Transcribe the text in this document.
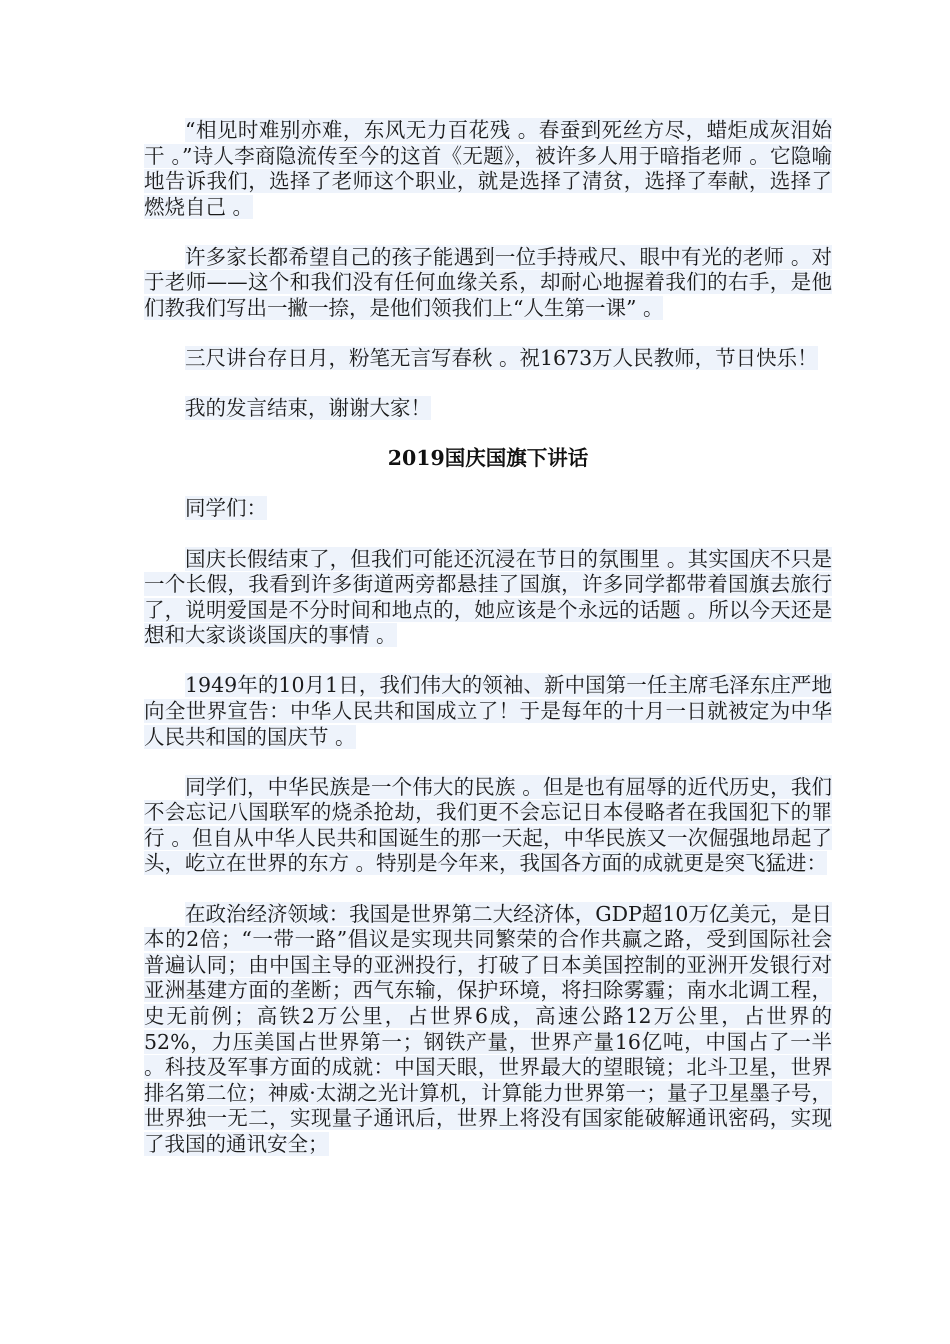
“相见时难别亦难，东风无力百花残 。春蚕到死丝方尽，蜡炬成灰泪始干 。”诗人李商隐流传至今的这首《无题》，被许多人用于暗指老师 。它隐喻地告诉我们，选择了老师这个职业，就是选择了清贫，选择了奉献，选择了燃烧自己 。

许多家长都希望自己的孩子能遇到一位手持戒尺、眼中有光的老师 。对于老师——这个和我们没有任何血缘关系，却耐心地握着我们的右手，是他们教我们写出一撇一捺，是他们领我们上“人生第一课” 。

三尺讲台存日月，粉笔无言写春秋 。祝1673万人民教师，节日快乐！

我的发言结束，谢谢大家！

2019国庆国旗下讲话

同学们：

国庆长假结束了，但我们可能还沉浸在节日的氛围里 。其实国庆不只是一个长假，我看到许多街道两旁都悬挂了国旗，许多同学都带着国旗去旅行了，说明爱国是不分时间和地点的，她应该是个永远的话题 。所以今天还是想和大家谈谈国庆的事情 。

1949年的10月1日，我们伟大的领袖、新中国第一任主席毛泽东庄严地向全世界宣告：中华人民共和国成立了！于是每年的十月一日就被定为中华人民共和国的国庆节 。

同学们，中华民族是一个伟大的民族 。但是也有屈辱的近代历史，我们不会忘记八国联军的烧杀抢劫，我们更不会忘记日本侵略者在我国犯下的罪行 。但自从中华人民共和国诞生的那一天起，中华民族又一次倔强地昂起了头，屹立在世界的东方 。特别是今年来，我国各方面的成就更是突飞猛进：

在政治经济领域：我国是世界第二大经济体，GDP超10万亿美元，是日本的2倍；“一带一路”倡议是实现共同繁荣的合作共赢之路，受到国际社会普遍认同；由中国主导的亚洲投行，打破了日本美国控制的亚洲开发银行对亚洲基建方面的垄断；西气东输，保护环境，将扫除雾霾；南水北调工程，史无前例；高铁2万公里，占世界6成，高速公路12万公里，占世界的52%，力压美国占世界第一；钢铁产量，世界产量16亿吨，中国占了一半 。科技及军事方面的成就：中国天眼，世界最大的望眼镜；北斗卫星，世界排名第二位；神威·太湖之光计算机，计算能力世界第一；量子卫星墨子号，世界独一无二，实现量子通讯后，世界上将没有国家能破解通讯密码，实现了我国的通讯安全；
